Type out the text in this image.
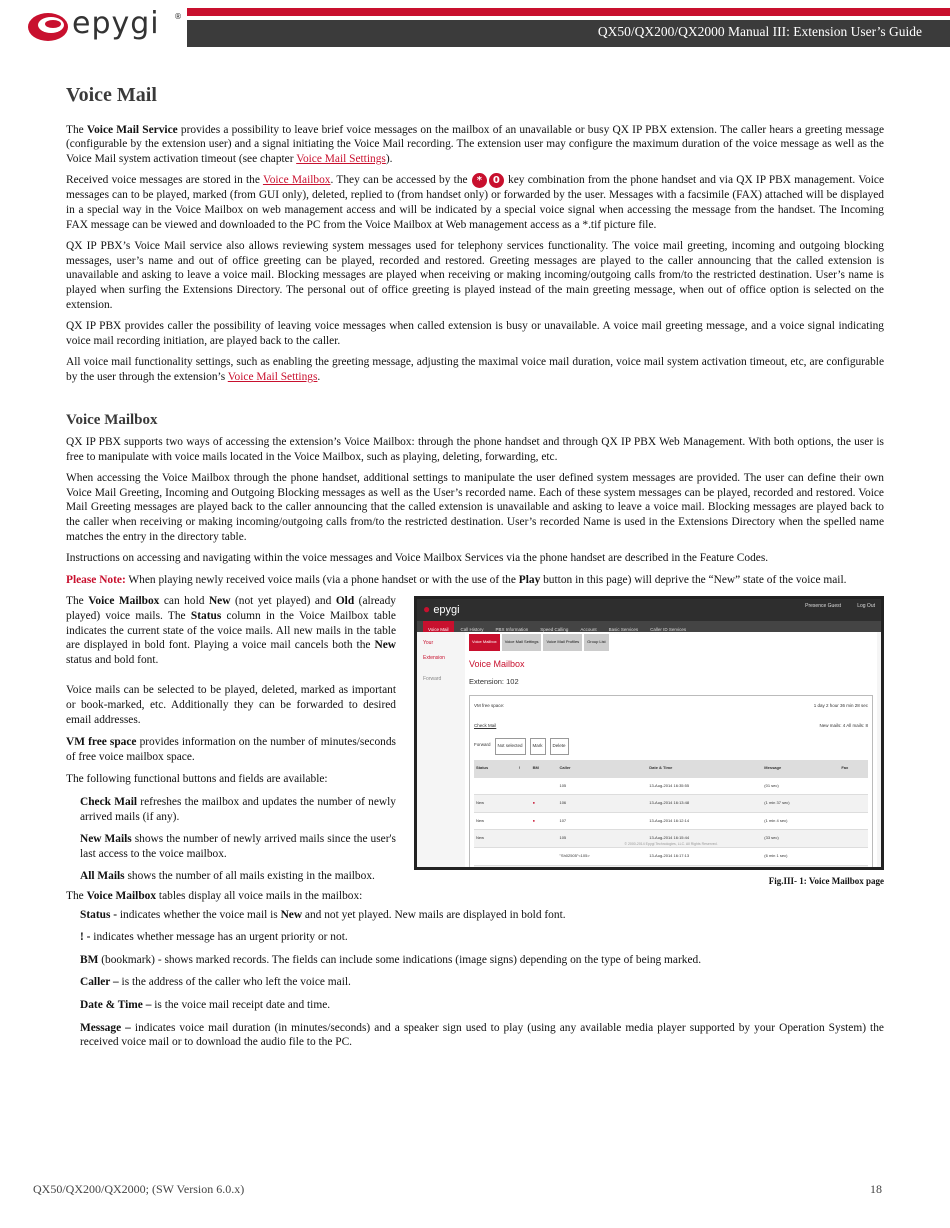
epygi ®
QX50/QX200/QX2000 Manual III: Extension User’s Guide
Voice Mail

The Voice Mail Service provides a possibility to leave brief voice messages on the mailbox of an unavailable or busy QX IP PBX extension. The caller hears a greeting message (configurable by the extension user) and a signal initiating the Voice Mail recording. The extension user may configure the maximum duration of the voice message as well as the Voice Mail system activation timeout (see chapter Voice Mail Settings).

Received voice messages are stored in the Voice Mailbox. They can be accessed by the * 0 key combination from the phone handset and via QX IP PBX management. Voice messages can to be played, marked (from GUI only), deleted, replied to (from handset only) or forwarded by the user. Messages with a facsimile (FAX) attached will be displayed in a special way in the Voice Mailbox on web management access and will be indicated by a special voice signal when accessing the message from the handset. The Incoming FAX message can be viewed and downloaded to the PC from the Voice Mailbox at Web management access as a *.tif picture file.

QX IP PBX’s Voice Mail service also allows reviewing system messages used for telephony services functionality. The voice mail greeting, incoming and outgoing blocking messages, user’s name and out of office greeting can be played, recorded and restored. Greeting messages are played to the caller announcing that the called extension is unavailable and asking to leave a voice mail. Blocking messages are played when receiving or making incoming/outgoing calls from/to the restricted destination. User’s name is played when surfing the Extensions Directory. The personal out of office greeting is played instead of the main greeting message, when out of office option is selected on the extension.

QX IP PBX provides caller the possibility of leaving voice messages when called extension is busy or unavailable. A voice mail greeting message, and a voice signal indicating voice mail recording initiation, are played back to the caller.

All voice mail functionality settings, such as enabling the greeting message, adjusting the maximal voice mail duration, voice mail system activation timeout, etc, are configurable by the user through the extension’s Voice Mail Settings.

Voice Mailbox

QX IP PBX supports two ways of accessing the extension’s Voice Mailbox: through the phone handset and through QX IP PBX Web Management. With both options, the user is free to manipulate with voice mails located in the Voice Mailbox, such as playing, deleting, forwarding, etc.

When accessing the Voice Mailbox through the phone handset, additional settings to manipulate the user defined system messages are provided. The user can define their own Voice Mail Greeting, Incoming and Outgoing Blocking messages as well as the User’s recorded name. Each of these system messages can be played, recorded and restored. Voice Mail Greeting messages are played back to the caller announcing that the called extension is unavailable and asking to leave a voice mail. Blocking messages are played back to the caller when receiving or making incoming/outgoing calls from/to the restricted destination. User’s recorded Name is used in the Extensions Directory when the spelled name matches the entry in the directory table.

Instructions on accessing and navigating within the voice messages and Voice Mailbox Services via the phone handset are described in the Feature Codes.

Please Note: When playing newly received voice mails (via a phone handset or with the use of the Play button in this page) will deprive the “New” state of the voice mail.

● epygi	Presence Guest	Log Out
Voice Mail	Call History	PBX Information	Speed Calling	Account	Basic Services	Caller ID Services
Your Extension
Forward
Voice Mailbox	Voice Mail Settings	Voice Mail Profiles	Group List
Voice Mailbox
Extension: 102
VM free space:	1 day 2 hour 36 min 28 sec
Check Mail	New mails: 4 All mails: 8
Forward	Not selected	Mark	Delete
Status	!	BM	Caller	Date & Time	Message	Fax
			105	13-Aug-2014 16:35:55	(01 sec)	
New		●	106	13-Aug-2014 16:13:48	(1 min 37 sec)	
New		●	107	13-Aug-2014 16:12:14	(1 min 4 sec)	
New			105	13-Aug-2014 16:15:44	(33 sec)	
			"Sh02505"<105>	13-Aug-2014 16:17:13	(6 min 1 sec)	

© 2000-2014 Epygi Technologies, LLC. All Rights Reserved.
Fig.III- 1: Voice Mailbox page

The Voice Mailbox can hold New (not yet played) and Old (already played) voice mails. The Status column in the Voice Mailbox table indicates the current state of the voice mails. All new mails in the table are displayed in bold font. Playing a voice mail cancels both the New status and bold font.

Voice mails can be selected to be played, deleted, marked as important or book-marked, etc. Additionally they can be forwarded to desired email addresses.

VM free space provides information on the number of minutes/seconds of free voice mailbox space.

The following functional buttons and fields are available:

Check Mail refreshes the mailbox and updates the number of newly arrived mails (if any).

New Mails shows the number of newly arrived mails since the user's last access to the voice mailbox.

All Mails shows the number of all mails existing in the mailbox.

The Voice Mailbox tables display all voice mails in the mailbox:

Status - indicates whether the voice mail is New and not yet played. New mails are displayed in bold font.

! - indicates whether message has an urgent priority or not.

BM (bookmark) - shows marked records. The fields can include some indications (image signs) depending on the type of being marked.

Caller – is the address of the caller who left the voice mail.

Date & Time – is the voice mail receipt date and time.

Message – indicates voice mail duration (in minutes/seconds) and a speaker sign used to play (using any available media player supported by your Operation System) the received voice mail or to download the audio file to the PC.

QX50/QX200/QX2000; (SW Version 6.0.x)	18
